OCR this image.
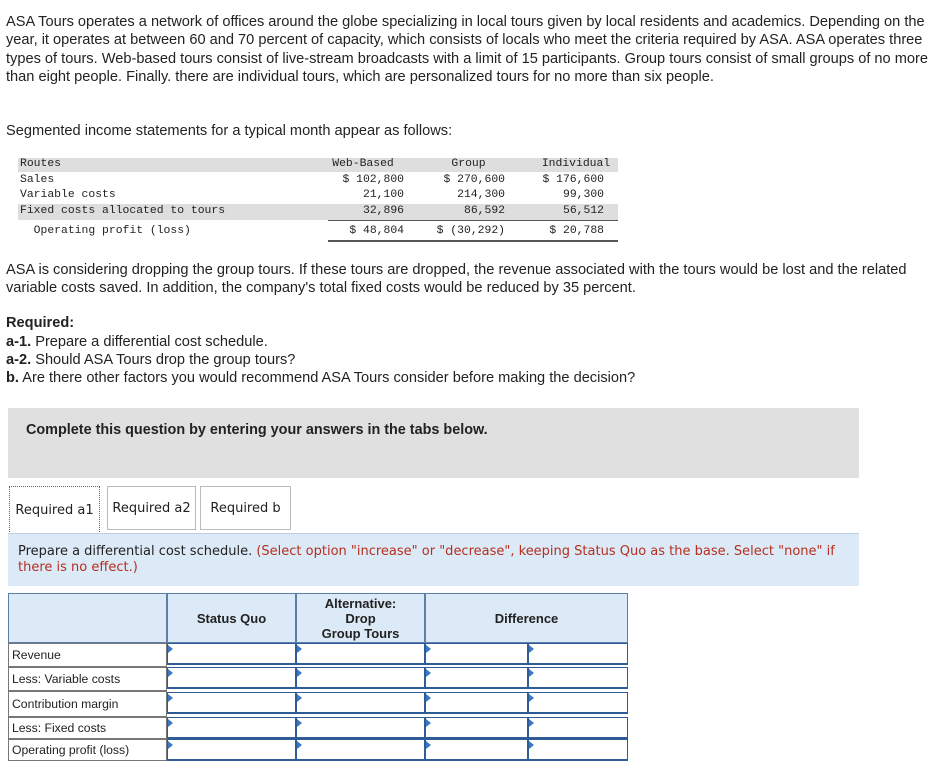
ASA Tours operates a network of offices around the globe specializing in local tours given by local residents and academics. Depending on the year, it operates at between 60 and 70 percent of capacity, which consists of locals who meet the criteria required by ASA. ASA operates three types of tours. Web-based tours consist of live-stream broadcasts with a limit of 15 participants. Group tours consist of small groups of no more than eight people. Finally. there are individual tours, which are personalized tours for no more than six people.
Segmented income statements for a typical month appear as follows:
Routes	Web-Based	Group	Individual
Sales	$ 102,800	$ 270,600	$ 176,600
Variable costs	21,100	214,300	99,300
Fixed costs allocated to tours	32,896	86,592	56,512
Operating profit (loss)	$ 48,804	$ (30,292)	$ 20,788
ASA is considering dropping the group tours. If these tours are dropped, the revenue associated with the tours would be lost and the related variable costs saved. In addition, the company's total fixed costs would be reduced by 35 percent.
Required:
a-1. Prepare a differential cost schedule.
a-2. Should ASA Tours drop the group tours?
b. Are there other factors you would recommend ASA Tours consider before making the decision?
Complete this question by entering your answers in the tabs below.
Required a1	Required a2	Required b
Prepare a differential cost schedule. (Select option "increase" or "decrease", keeping Status Quo as the base. Select "none" if there is no effect.)
Status Quo
Alternative:
Drop
Group Tours
Difference
Revenue
Less: Variable costs
Contribution margin
Less: Fixed costs
Operating profit (loss)
